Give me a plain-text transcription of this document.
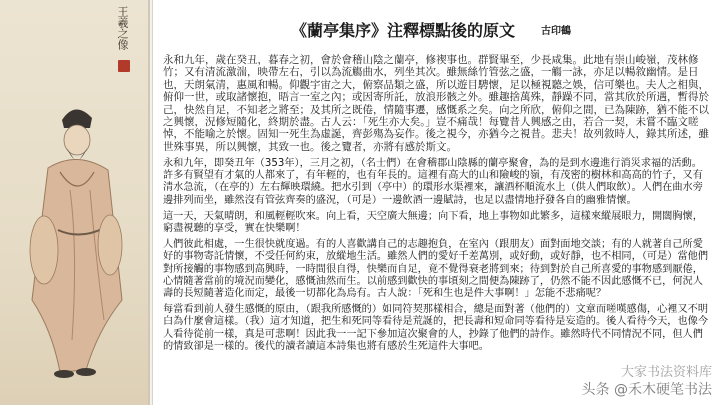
王羲之像	《蘭亭集序》注釋標點後的原文	古印鶴

永和九年，歲在癸丑，暮春之初，會於會稽山陰之蘭亭，修禊事也。群賢畢至，少長咸集。此地有崇山峻嶺，茂林修竹；又有清流激湍，映帶左右，引以為流觴曲水，列坐其次。雖無絲竹管弦之盛，一觴一詠，亦足以暢敘幽情。是日也，天朗氣清，惠風和暢。仰觀宇宙之大，俯察品類之盛，所以遊目騁懷，足以極視聽之娛，信可樂也。夫人之相與，俯仰一世，或取諸懷抱，晤言一室之內；或因寄所託，放浪形骸之外。雖趣捨萬殊，靜躁不同，當其欣於所遇，暫得於己，快然自足，不知老之將至；及其所之既倦，情隨事遷，感慨系之矣。向之所欣，俯仰之間，已為陳跡，猶不能不以之興懷，況修短隨化，終期於盡。古人云：「死生亦大矣。」豈不痛哉！每覽昔人興感之由，若合一契，未嘗不臨文嗟悼，不能喻之於懷。固知一死生為虛誕，齊彭殤為妄作。後之視今，亦猶今之視昔。悲夫！故列敘時人，錄其所述，雖世殊事異，所以興懷，其致一也。後之覽者，亦將有感於斯文。

永和九年，即癸丑年（353年），三月之初，（名士們）在會稽郡山陰縣的蘭亭聚會，為的是到水邊進行消災求福的活動。許多有賢望有才氣的人都來了，有年輕的，也有年長的。這裡有高大的山和險峻的嶺，有茂密的樹林和高高的竹子，又有清水急流，（在亭的）左右輝映環繞。把水引到（亭中）的環形水渠裡來，讓酒杯順流水上（供人們取飲）。人們在曲水旁邊排列而坐，雖然沒有管弦齊奏的盛況，（可是）一邊飲酒一邊賦詩，也足以盡情地抒發各自的幽雅情懷。

這一天，天氣晴朗，和風輕輕吹來。向上看，天空廣大無邊；向下看，地上事物如此繁多，這樣來縱展眼力，開闊胸懷，窮盡視聽的享受，實在快樂啊！

人們彼此相處，一生很快就度過。有的人喜歡講自己的志趣抱負，在室內（跟朋友）面對面地交談；有的人就著自己所愛好的事物寄託情懷，不受任何約束，放縱地生活。雖然人們的愛好千差萬別，或好動，或好靜，也不相同，（可是）當他們對所接觸的事物感到高興時，一時間很自得，快樂而自足，竟不覺得衰老將到來；待到對於自己所喜愛的事物感到厭倦，心情隨著當前的境況而變化，感慨油然而生。以前感到歡快的事頃刻之間便為陳跡了，仍然不能不因此感慨不已，何況人壽的長短隨著造化而定，最後一切都化為烏有。古人說：「死和生也是件大事啊！」怎能不悲痛呢？

每當看到前人發生感慨的原由，（跟我所感慨的）如同符契那樣相合，總是面對著（他們的）文章而嗟嘆感傷，心裡又不明白為什麼會這樣。（我）這才知道，把生和死同等看待是荒誕的，把長壽和短命同等看待是妄造的。後人看待今天，也像今人看待從前一樣，真是可悲啊！因此我一一記下參加這次聚會的人，抄錄了他們的詩作。雖然時代不同情況不同，但人們的情致卻是一樣的。後代的讀者讀這本詩集也將有感於生死這件大事吧。

大家书法资料库
头条 @禾木硬笔书法
